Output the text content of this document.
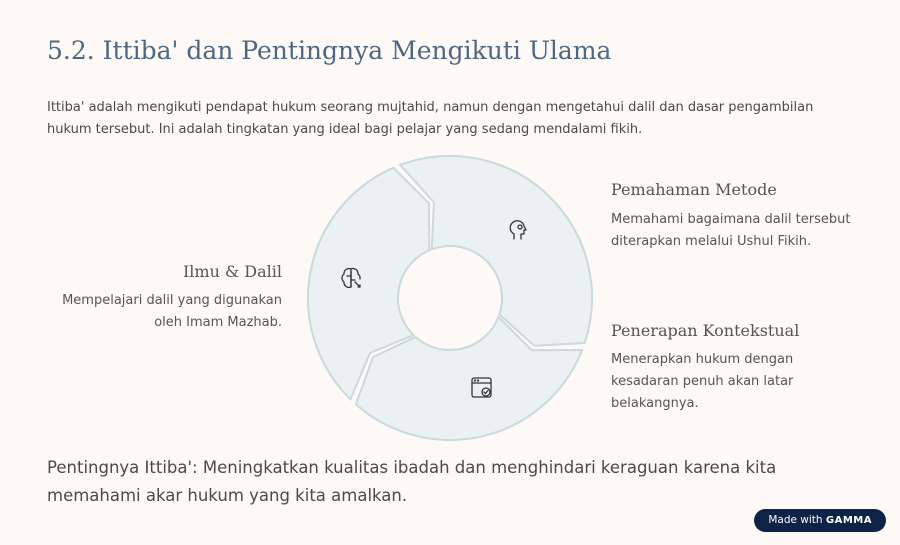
5.2. Ittiba' dan Pentingnya Mengikuti Ulama
Ittiba' adalah mengikuti pendapat hukum seorang mujtahid, namun dengan mengetahui dalil dan dasar pengambilan hukum tersebut. Ini adalah tingkatan yang ideal bagi pelajar yang sedang mendalami fikih.
Pemahaman Metode
Memahami bagaimana dalil tersebut diterapkan melalui Ushul Fikih.
Ilmu & Dalil
Mempelajari dalil yang digunakan oleh Imam Mazhab.	Penerapan Kontekstual
Menerapkan hukum dengan kesadaran penuh akan latar belakangnya.
Pentingnya Ittiba': Meningkatkan kualitas ibadah dan menghindari keraguan karena kita memahami akar hukum yang kita amalkan.
Made with GAMMA
